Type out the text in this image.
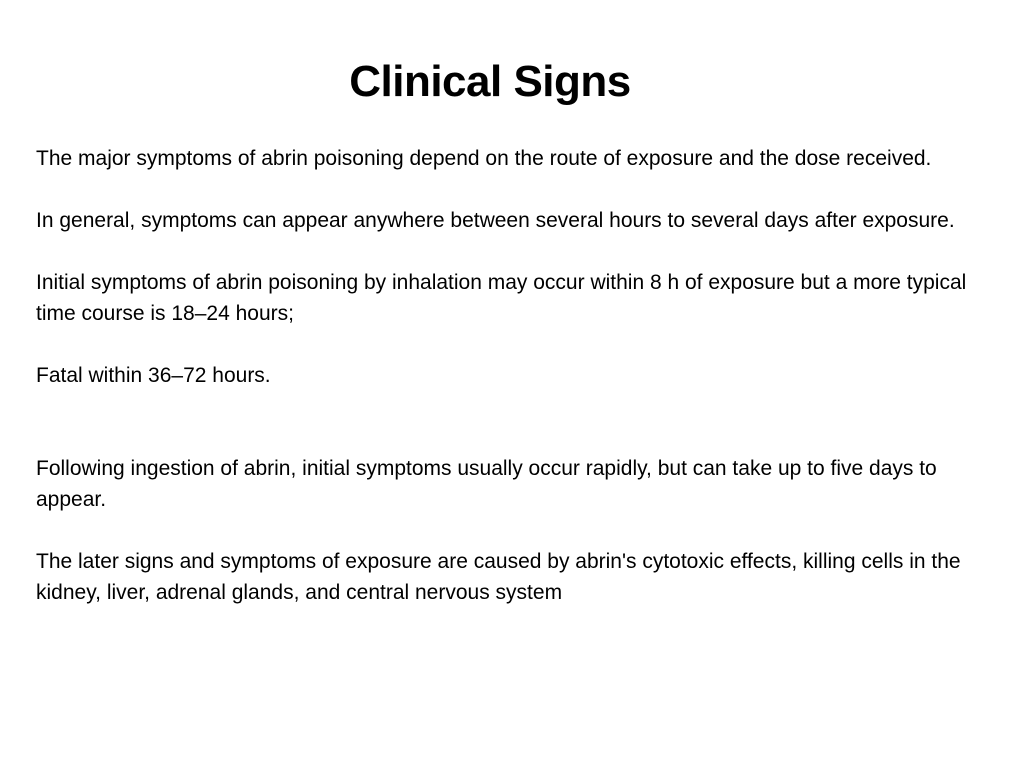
Clinical Signs

The major symptoms of abrin poisoning depend on the route of exposure and the dose received.

In general, symptoms can appear anywhere between several hours to several days after exposure.

Initial symptoms of abrin poisoning by inhalation may occur within 8 h of exposure but a more typical time course is 18–24 hours;

Fatal within 36–72 hours.

Following ingestion of abrin, initial symptoms usually occur rapidly, but can take up to five days to appear.

The later signs and symptoms of exposure are caused by abrin's cytotoxic effects, killing cells in the kidney, liver, adrenal glands, and central nervous system
